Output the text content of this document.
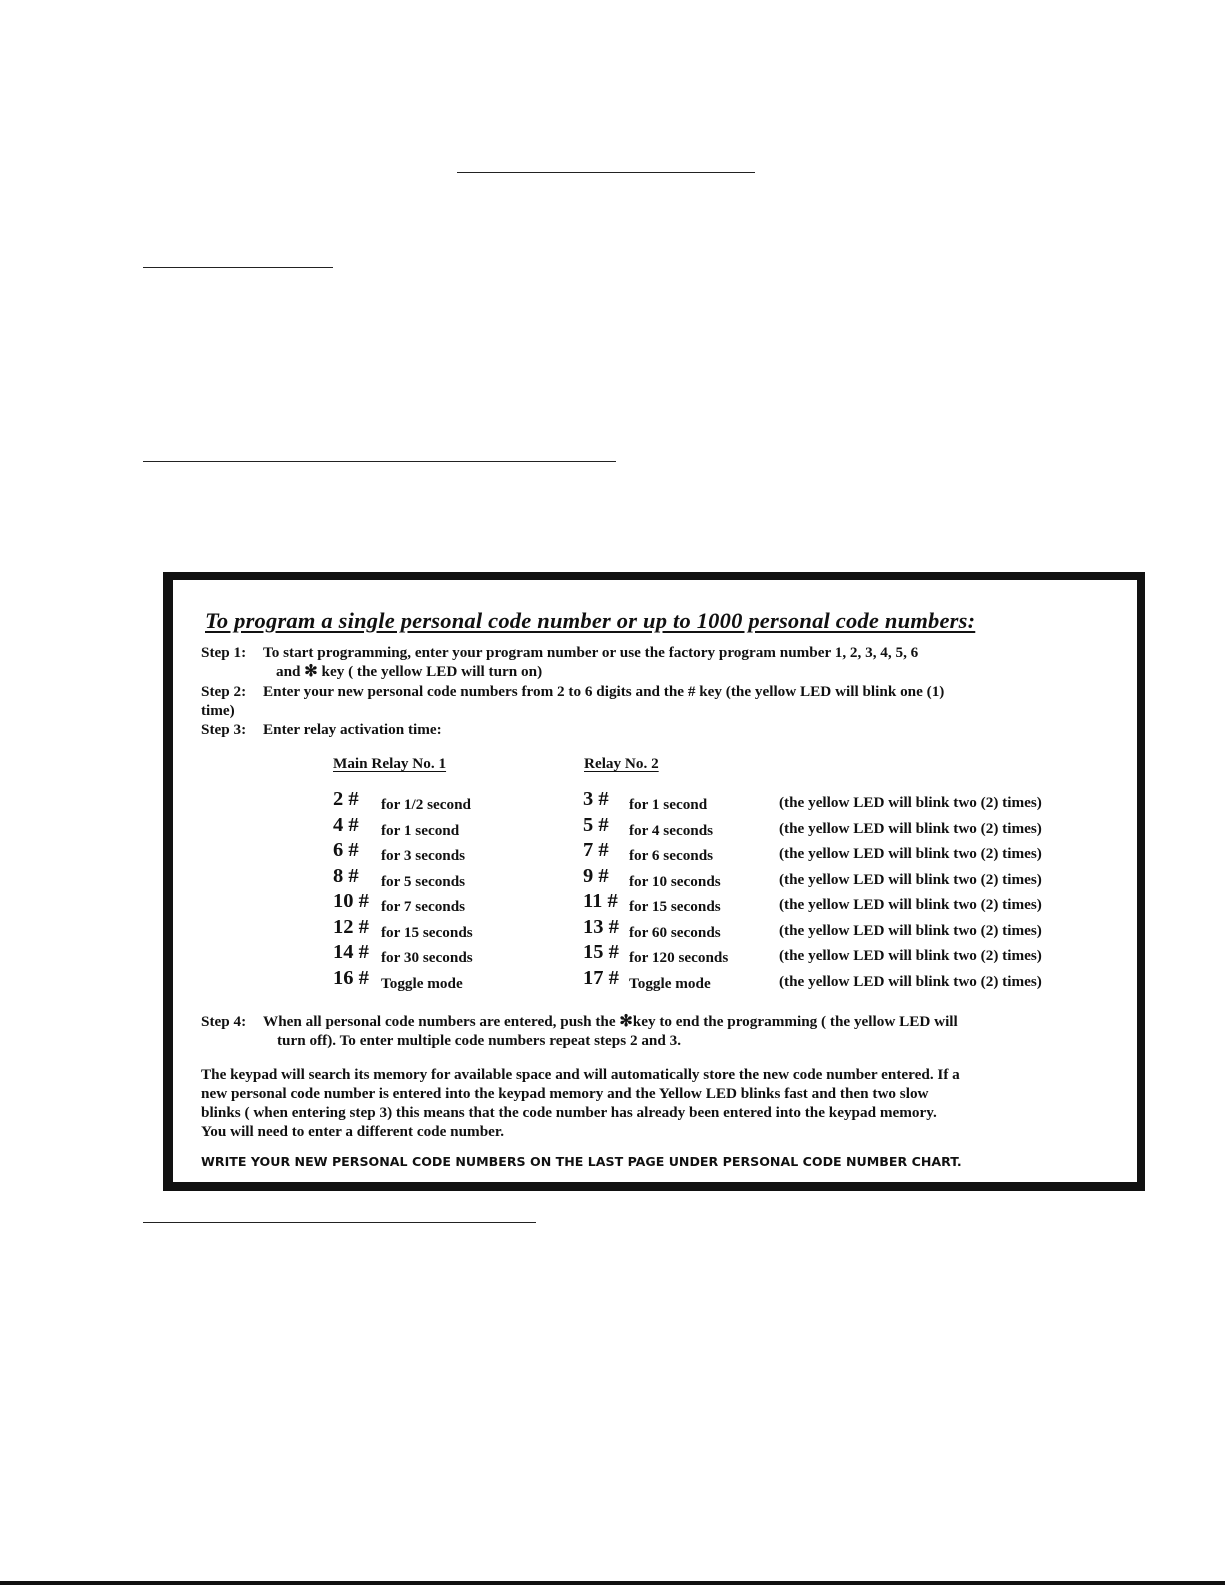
To program a single personal code number or up to 1000 personal code numbers:
Step 1: To start programming, enter your program number or use the factory program number 1, 2, 3, 4, 5, 6
and ✻ key ( the yellow LED will turn on)
Step 2: Enter your new personal code numbers from 2 to 6 digits and the # key (the yellow LED will blink one (1)
time)
Step 3: Enter relay activation time:
Main Relay No. 1	Relay No. 2
2 # for 1/2 second	3 # for 1 second	(the yellow LED will blink two (2) times)
4 # for 1 second	5 # for 4 seconds	(the yellow LED will blink two (2) times)
6 # for 3 seconds	7 # for 6 seconds	(the yellow LED will blink two (2) times)
8 # for 5 seconds	9 # for 10 seconds	(the yellow LED will blink two (2) times)
10 # for 7 seconds	11 # for 15 seconds	(the yellow LED will blink two (2) times)
12 # for 15 seconds	13 # for 60 seconds	(the yellow LED will blink two (2) times)
14 # for 30 seconds	15 # for 120 seconds	(the yellow LED will blink two (2) times)
16 # Toggle mode	17 # Toggle mode	(the yellow LED will blink two (2) times)
Step 4: When all personal code numbers are entered, push the ✻key to end the programming ( the yellow LED will
turn off). To enter multiple code numbers repeat steps 2 and 3.
The keypad will search its memory for available space and will automatically store the new code number entered. If a
new personal code number is entered into the keypad memory and the Yellow LED blinks fast and then two slow
blinks ( when entering step 3) this means that the code number has already been entered into the keypad memory.
You will need to enter a different code number.

WRITE YOUR NEW PERSONAL CODE NUMBERS ON THE LAST PAGE UNDER PERSONAL CODE NUMBER CHART.
